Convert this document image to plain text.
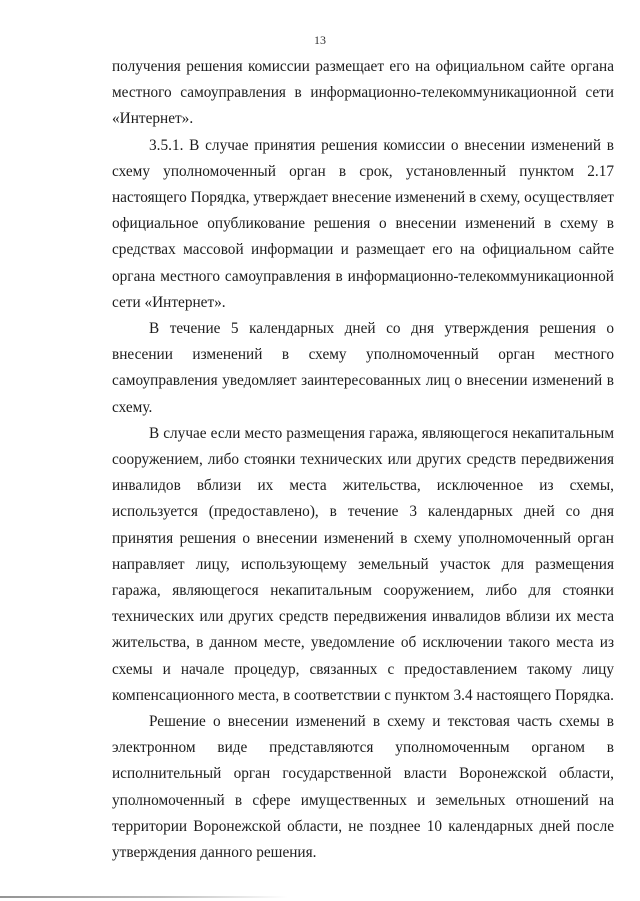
13

получения решения комиссии размещает его на официальном сайте органа местного самоуправления в информационно-телекоммуникационной сети «Интернет».

3.5.1. В случае принятия решения комиссии о внесении изменений в схему уполномоченный орган в срок, установленный пунктом 2.17 настоящего Порядка, утверждает внесение изменений в схему, осуществляет официальное опубликование решения о внесении изменений в схему в средствах массовой информации и размещает его на официальном сайте органа местного самоуправления в информационно-телекоммуникационной сети «Интернет».

В течение 5 календарных дней со дня утверждения решения о внесении изменений в схему уполномоченный орган местного самоуправления уведомляет заинтересованных лиц о внесении изменений в схему.

В случае если место размещения гаража, являющегося некапитальным сооружением, либо стоянки технических или других средств передвижения инвалидов вблизи их места жительства, исключенное из схемы, используется (предоставлено), в течение 3 календарных дней со дня принятия решения о внесении изменений в схему уполномоченный орган направляет лицу, использующему земельный участок для размещения гаража, являющегося некапитальным сооружением, либо для стоянки технических или других средств передвижения инвалидов вблизи их места жительства, в данном месте, уведомление об исключении такого места из схемы и начале процедур, связанных с предоставлением такому лицу компенсационного места, в соответствии с пунктом 3.4 настоящего Порядка.

Решение о внесении изменений в схему и текстовая часть схемы в электронном виде представляются уполномоченным органом в исполнительный орган государственной власти Воронежской области, уполномоченный в сфере имущественных и земельных отношений на территории Воронежской области, не позднее 10 календарных дней после утверждения данного решения.
